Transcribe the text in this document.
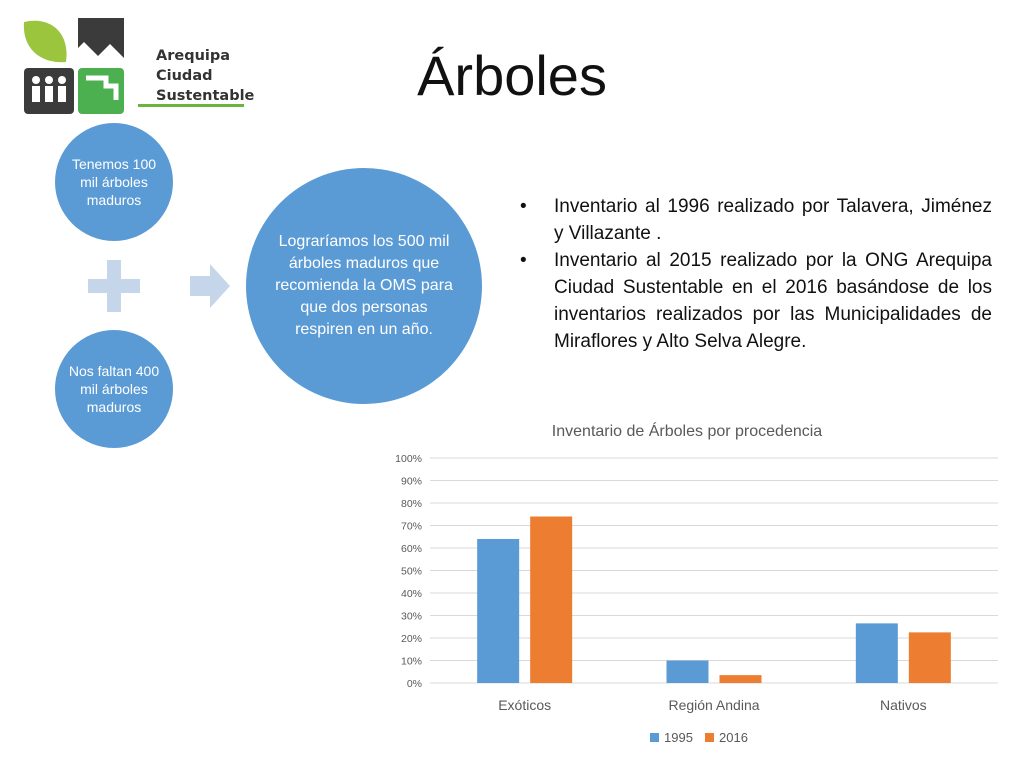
Arequipa
Ciudad
Sustentable	Árboles
Tenemos 100 mil árboles maduros
Nos faltan 400 mil árboles maduros
Lograríamos los 500 mil árboles maduros que recomienda la OMS para que dos personas respiren en un año.
• Inventario al 1996 realizado por Talavera, Jiménez y Villazante .
• Inventario al 2015 realizado por la ONG Arequipa Ciudad Sustentable en el 2016 basándose de los inventarios realizados por las Municipalidades de Miraflores y Alto Selva Alegre.
Inventario de Árboles por procedencia
0%
10%
20%
30%
40%
50%
60%
70%
80%
90%
100%
Exóticos	Región Andina	Nativos
1995 2016
